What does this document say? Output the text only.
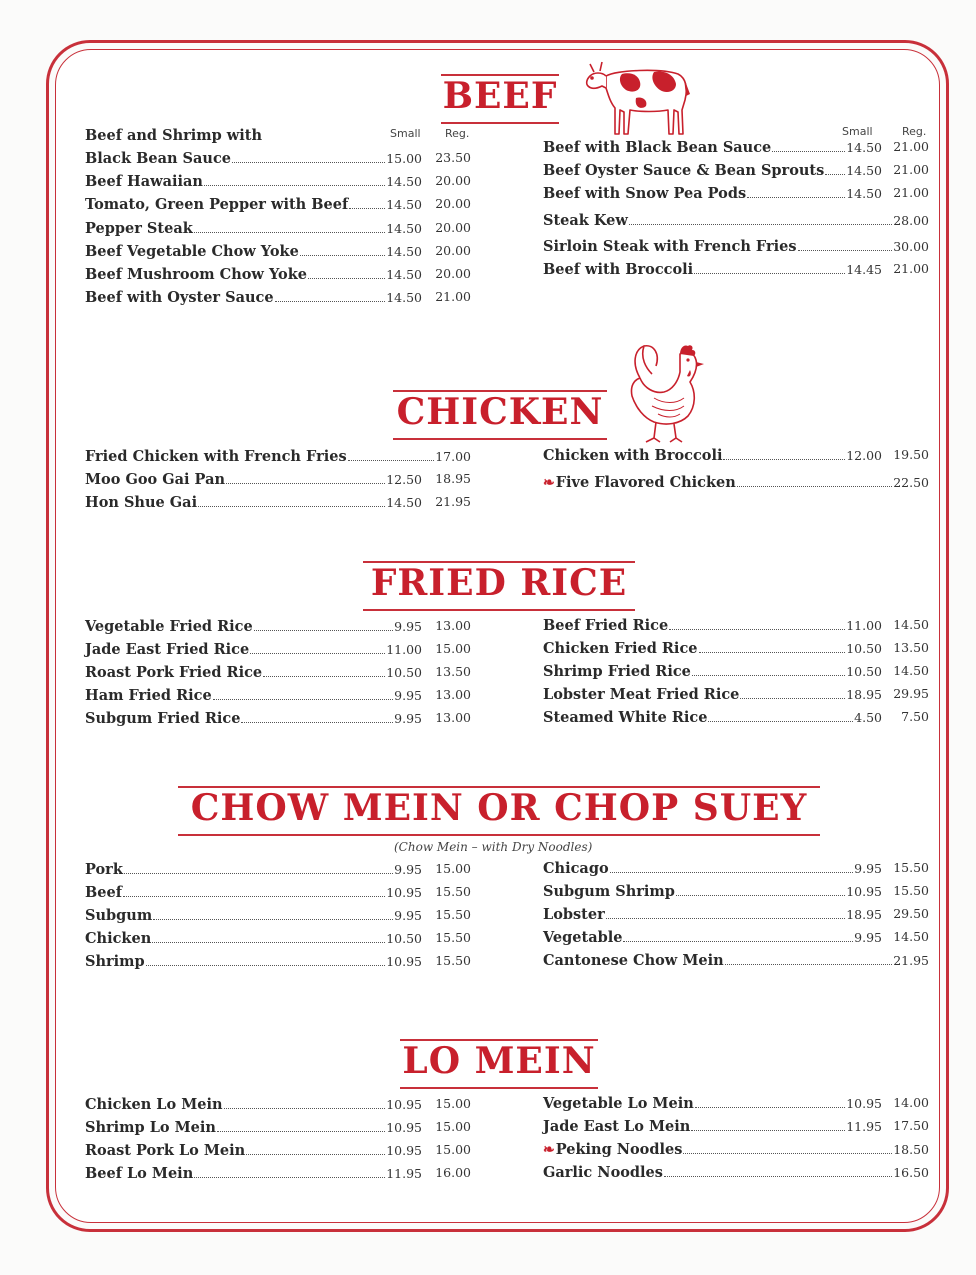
BEEF
CHICKEN
FRIED RICE
CHOW MEIN OR CHOP SUEY
(Chow Mein – with Dry Noodles)
LO MEIN
Small Reg.	Small	Reg.
Beef and Shrimp with
Black Bean Sauce	15.00 23.50
Beef Hawaiian	14.50 20.00
Tomato, Green Pepper with Beef	14.50 20.00
Pepper Steak	14.50 20.00
Beef Vegetable Chow Yoke	14.50 20.00
Beef Mushroom Chow Yoke	14.50 20.00
Beef with Oyster Sauce	14.50 21.00
Beef with Black Bean Sauce	14.50 21.00
Beef Oyster Sauce & Bean Sprouts 14.50 21.00
Beef with Snow Pea Pods	14.50 21.00
Steak Kew	28.00
Sirloin Steak with French Fries	30.00
Beef with Broccoli	14.45 21.00
Fried Chicken with French Fries	17.00
Moo Goo Gai Pan	12.50 18.95
Hon Shue Gai	14.50 21.95
Chicken with Broccoli	12.00 19.50
❧Five Flavored Chicken	22.50
Vegetable Fried Rice	9.95 13.00
Jade East Fried Rice	11.00 15.00
Roast Pork Fried Rice	10.50 13.50
Ham Fried Rice	9.95 13.00
Subgum Fried Rice	9.95 13.00
Beef Fried Rice	11.00 14.50
Chicken Fried Rice	10.50 13.50
Shrimp Fried Rice	10.50 14.50
Lobster Meat Fried Rice	18.95 29.95
Steamed White Rice	4.50 7.50
Pork	9.95 15.00
Beef	10.95 15.50
Subgum	9.95 15.50
Chicken	10.50 15.50
Shrimp	10.95 15.50
Chicago	9.95 15.50
Subgum Shrimp	10.95 15.50
Lobster	18.95 29.50
Vegetable	9.95 14.50
Cantonese Chow Mein	21.95
Chicken Lo Mein	10.95 15.00
Shrimp Lo Mein	10.95 15.00
Roast Pork Lo Mein	10.95 15.00
Beef Lo Mein	11.95 16.00
Vegetable Lo Mein	10.95 14.00
Jade East Lo Mein	11.95 17.50
❧Peking Noodles	18.50
Garlic Noodles	16.50
